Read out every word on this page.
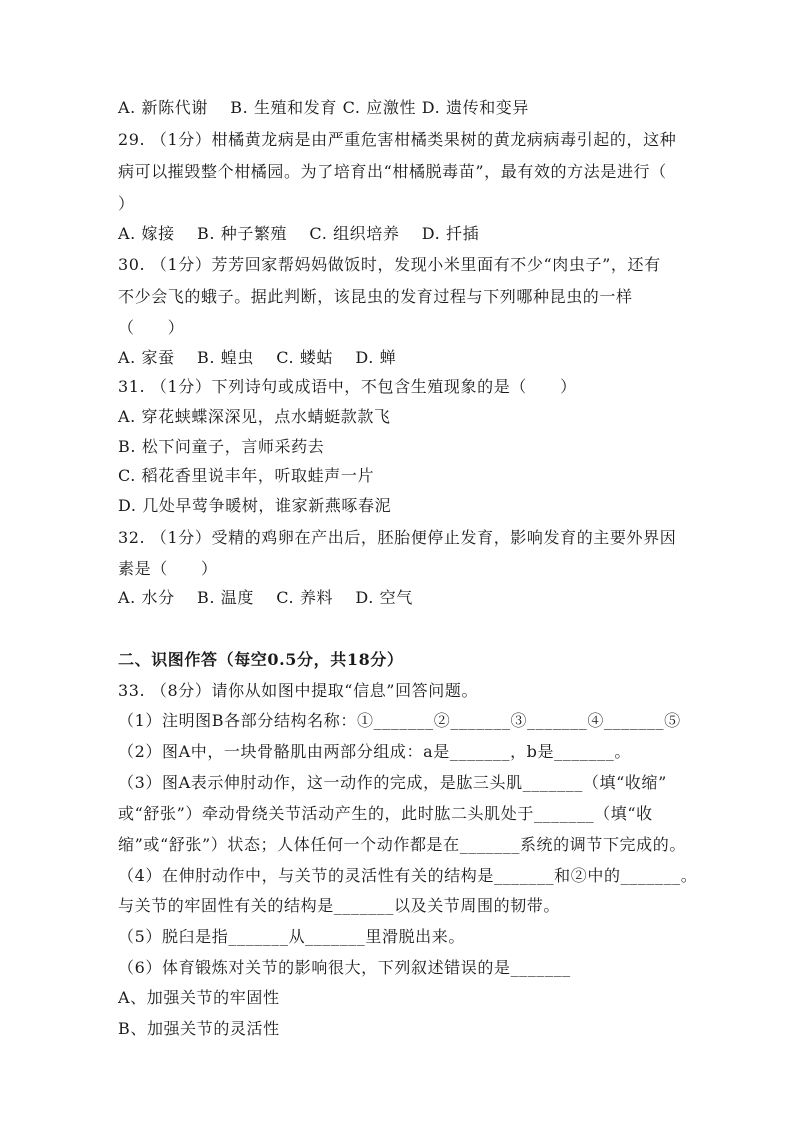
A. 新陈代谢　 B. 生殖和发育 C. 应激性 D. 遗传和变异
29. （1分）柑橘黄龙病是由严重危害柑橘类果树的黄龙病病毒引起的，这种
病可以摧毁整个柑橘园。为了培育出“柑橘脱毒苗”，最有效的方法是进行（
）
A. 嫁接　 B. 种子繁殖　 C. 组织培养　 D. 扦插
30. （1分）芳芳回家帮妈妈做饭时，发现小米里面有不少“肉虫子”，还有
不少会飞的蛾子。据此判断，该昆虫的发育过程与下列哪种昆虫的一样
（　　）
A. 家蚕　 B. 蝗虫　 C. 蝼蛄　 D. 蝉
31. （1分）下列诗句或成语中，不包含生殖现象的是（　　）
A. 穿花蛱蝶深深见，点水蜻蜓款款飞
B. 松下问童子，言师采药去
C. 稻花香里说丰年，听取蛙声一片
D. 几处早莺争暖树，谁家新燕啄春泥
32. （1分）受精的鸡卵在产出后，胚胎便停止发育，影响发育的主要外界因
素是（　　）
A. 水分　 B. 温度　 C. 养料　 D. 空气
二、识图作答（每空0.5分，共18分）
33. （8分）请你从如图中提取“信息”回答问题。
（1）注明图B各部分结构名称：①_______②_______③_______④_______⑤
（2）图A中，一块骨骼肌由两部分组成：a是_______，b是_______。
（3）图A表示伸肘动作，这一动作的完成，是肱三头肌_______（填“收缩”
或“舒张”）牵动骨绕关节活动产生的，此时肱二头肌处于_______（填“收
缩”或“舒张”）状态；人体任何一个动作都是在_______系统的调节下完成的。
（4）在伸肘动作中，与关节的灵活性有关的结构是_______和②中的_______。
与关节的牢固性有关的结构是_______以及关节周围的韧带。
（5）脱臼是指_______从_______里滑脱出来。
（6）体育锻炼对关节的影响很大，下列叙述错误的是_______
A、加强关节的牢固性
B、加强关节的灵活性
